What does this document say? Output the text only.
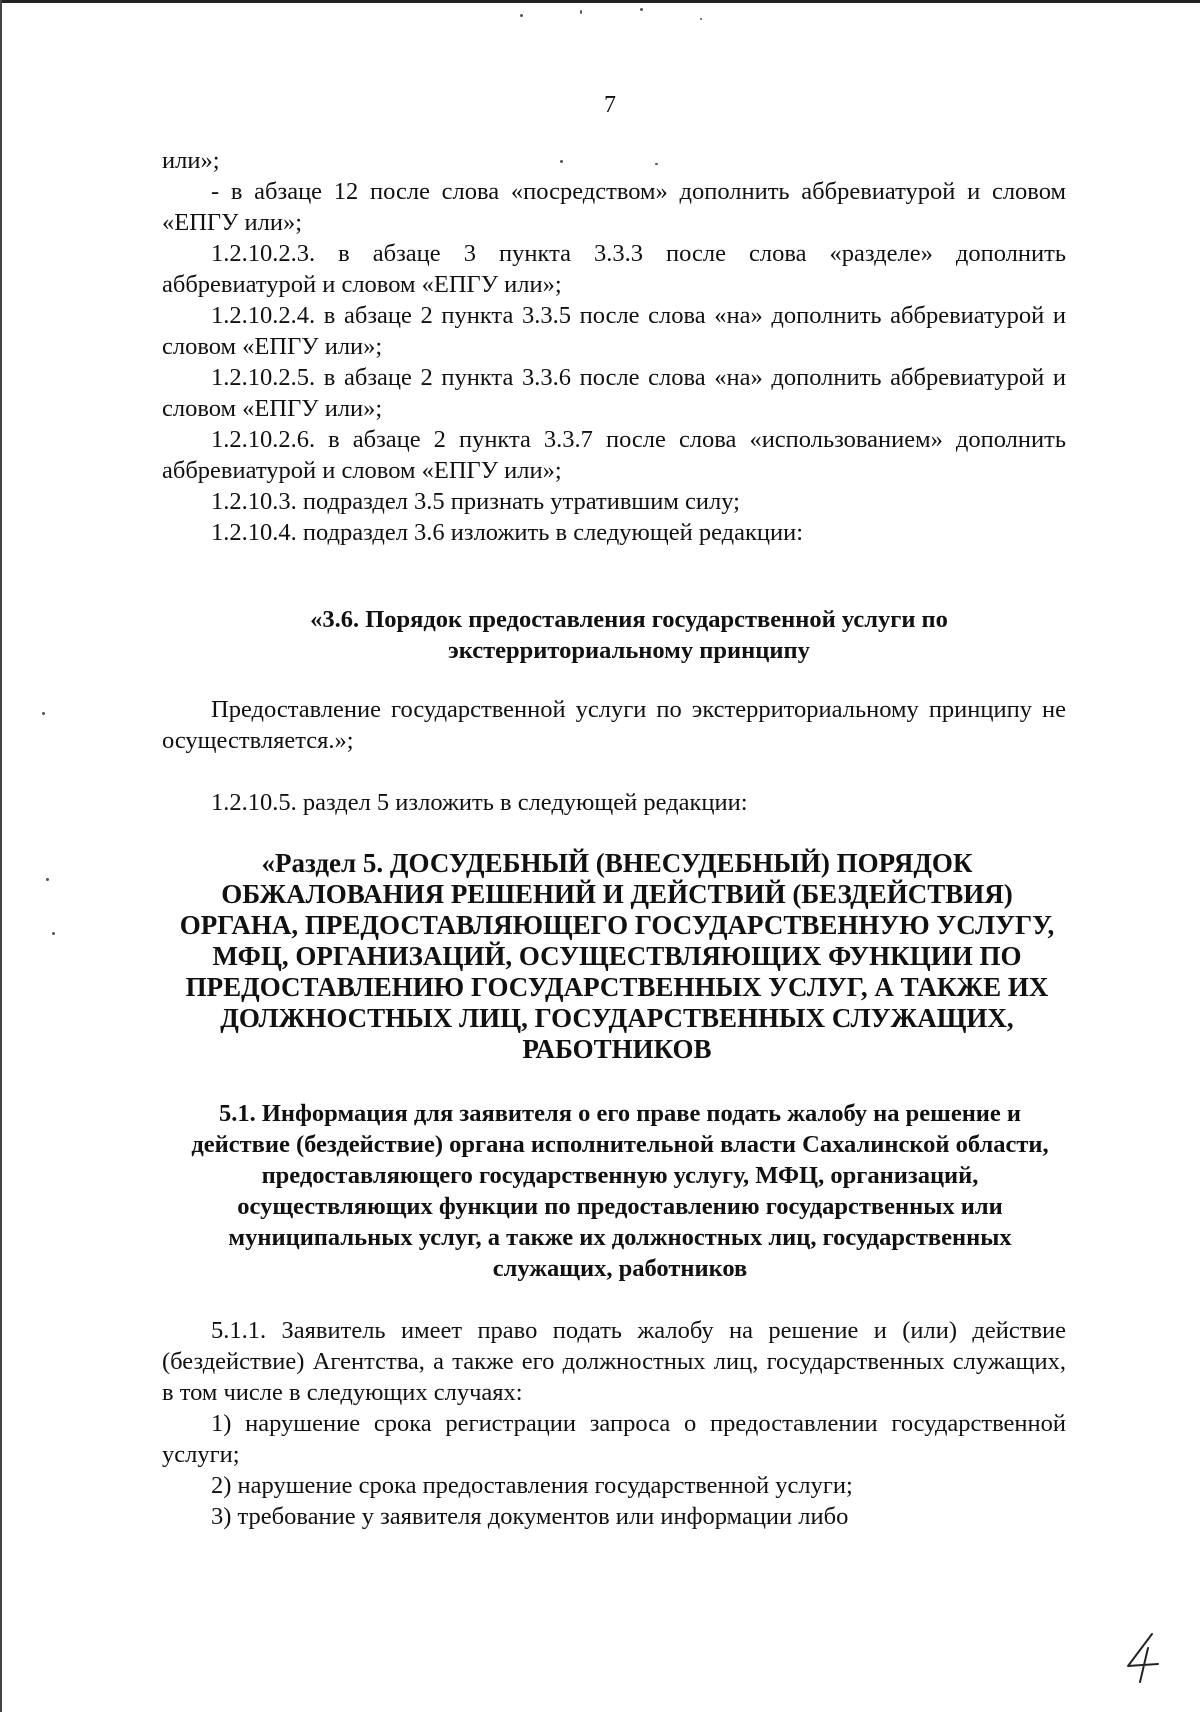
7

или»;

- в абзаце 12 после слова «посредством» дополнить аббревиатурой и словом «ЕПГУ или»;

1.2.10.2.3. в абзаце 3 пункта 3.3.3 после слова «разделе» дополнить аббревиатурой и словом «ЕПГУ или»;

1.2.10.2.4. в абзаце 2 пункта 3.3.5 после слова «на» дополнить аббревиатурой и словом «ЕПГУ или»;

1.2.10.2.5. в абзаце 2 пункта 3.3.6 после слова «на» дополнить аббревиатурой и словом «ЕПГУ или»;

1.2.10.2.6. в абзаце 2 пункта 3.3.7 после слова «использованием» дополнить аббревиатурой и словом «ЕПГУ или»;

1.2.10.3. подраздел 3.5 признать утратившим силу;

1.2.10.4. подраздел 3.6 изложить в следующей редакции:

«3.6. Порядок предоставления государственной услуги по экстерриториальному принципу

Предоставление государственной услуги по экстерриториальному принципу не осуществляется.»;

1.2.10.5. раздел 5 изложить в следующей редакции:

«Раздел 5. ДОСУДЕБНЫЙ (ВНЕСУДЕБНЫЙ) ПОРЯДОК ОБЖАЛОВАНИЯ РЕШЕНИЙ И ДЕЙСТВИЙ (БЕЗДЕЙСТВИЯ) ОРГАНА, ПРЕДОСТАВЛЯЮЩЕГО ГОСУДАРСТВЕННУЮ УСЛУГУ, МФЦ, ОРГАНИЗАЦИЙ, ОСУЩЕСТВЛЯЮЩИХ ФУНКЦИИ ПО ПРЕДОСТАВЛЕНИЮ ГОСУДАРСТВЕННЫХ УСЛУГ, А ТАКЖЕ ИХ ДОЛЖНОСТНЫХ ЛИЦ, ГОСУДАРСТВЕННЫХ СЛУЖАЩИХ, РАБОТНИКОВ

5.1. Информация для заявителя о его праве подать жалобу на решение и действие (бездействие) органа исполнительной власти Сахалинской области, предоставляющего государственную услугу, МФЦ, организаций, осуществляющих функции по предоставлению государственных или муниципальных услуг, а также их должностных лиц, государственных служащих, работников

5.1.1. Заявитель имеет право подать жалобу на решение и (или) действие (бездействие) Агентства, а также его должностных лиц, государственных служащих, в том числе в следующих случаях:

1) нарушение срока регистрации запроса о предоставлении государственной услуги;

2) нарушение срока предоставления государственной услуги;

3) требование у заявителя документов или информации либо
